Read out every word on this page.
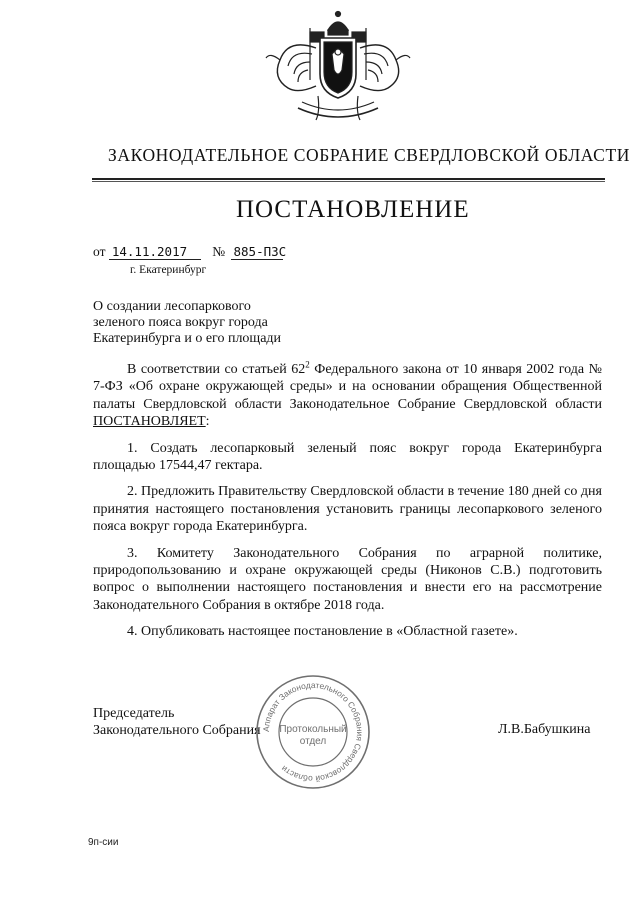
ЗАКОНОДАТЕЛЬНОЕ СОБРАНИЕ СВЕРДЛОВСКОЙ ОБЛАСТИ
ПОСТАНОВЛЕНИЕ
от 14.11.2017 № 885-ПЗС
г. Екатеринбург
О создании лесопаркового
зеленого пояса вокруг города
Екатеринбурга и о его площади

В соответствии со статьей $62^2$ Федерального закона от 10 января 2002 года № 7-ФЗ «Об охране окружающей среды» и на основании обращения Общественной палаты Свердловской области Законодательное Собрание Свердловской области ПОСТАНОВЛЯЕТ:

1. Создать лесопарковый зеленый пояс вокруг города Екатеринбурга площадью 17544,47 гектара.

2. Предложить Правительству Свердловской области в течение 180 дней со дня принятия настоящего постановления установить границы лесопаркового зеленого пояса вокруг города Екатеринбурга.

3. Комитету Законодательного Собрания по аграрной политике, природопользованию и охране окружающей среды (Никонов С.В.) подготовить вопрос о выполнении настоящего постановления и внести его на рассмотрение Законодательного Собрания в октябре 2018 года.

4. Опубликовать настоящее постановление в «Областной газете».

Председатель
Законодательного Собрания	Л.В.Бабушкина
Аппарат Законодательного Собрания Свердловской области
Протокольный
отдел
9п-сии
